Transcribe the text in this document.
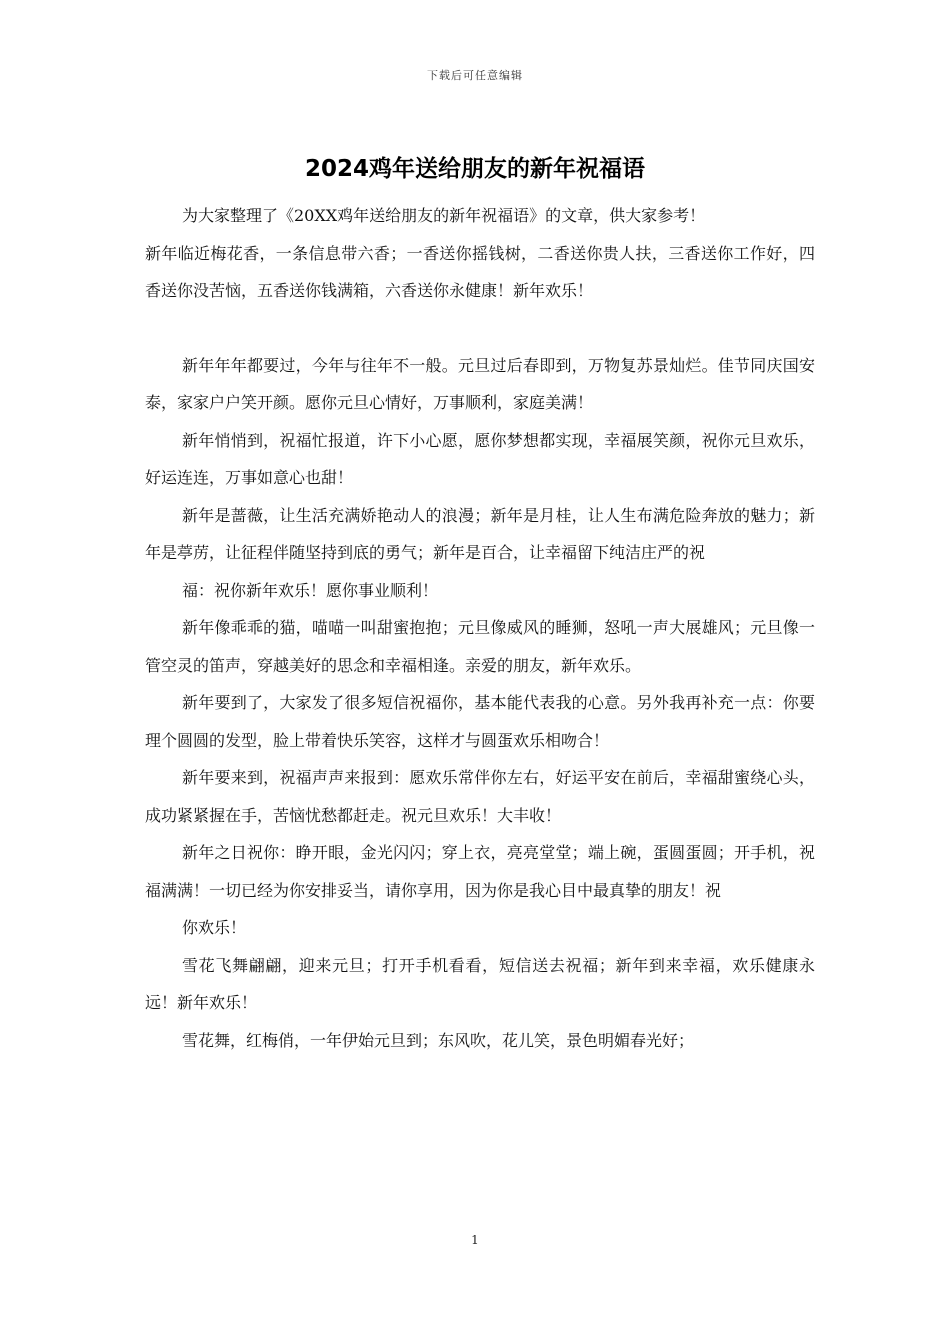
下载后可任意编辑
2024鸡年送给朋友的新年祝福语

为大家整理了《20XX鸡年送给朋友的新年祝福语》的文章，供大家参考！

新年临近梅花香，一条信息带六香；一香送你摇钱树，二香送你贵人扶，三香送你工作好，四香送你没苦恼，五香送你钱满箱，六香送你永健康！新年欢乐！

新年年年都要过，今年与往年不一般。元旦过后春即到，万物复苏景灿烂。佳节同庆国安泰，家家户户笑开颜。愿你元旦心情好，万事顺利，家庭美满！

新年悄悄到，祝福忙报道，许下小心愿，愿你梦想都实现，幸福展笑颜，祝你元旦欢乐，好运连连，万事如意心也甜！

新年是蔷薇，让生活充满娇艳动人的浪漫；新年是月桂，让人生布满危险奔放的魅力；新年是葶苈，让征程伴随坚持到底的勇气；新年是百合，让幸福留下纯洁庄严的祝

福：祝你新年欢乐！愿你事业顺利！

新年像乖乖的猫，喵喵一叫甜蜜抱抱；元旦像威风的睡狮，怒吼一声大展雄风；元旦像一管空灵的笛声，穿越美好的思念和幸福相逢。亲爱的朋友，新年欢乐。

新年要到了，大家发了很多短信祝福你，基本能代表我的心意。另外我再补充一点：你要理个圆圆的发型，脸上带着快乐笑容，这样才与圆蛋欢乐相吻合！

新年要来到，祝福声声来报到：愿欢乐常伴你左右，好运平安在前后，幸福甜蜜绕心头，成功紧紧握在手，苦恼忧愁都赶走。祝元旦欢乐！大丰收！

新年之日祝你：睁开眼，金光闪闪；穿上衣，亮亮堂堂；端上碗，蛋圆蛋圆；开手机，祝福满满！一切已经为你安排妥当，请你享用，因为你是我心目中最真挚的朋友！祝

你欢乐！

雪花飞舞翩翩，迎来元旦；打开手机看看，短信送去祝福；新年到来幸福，欢乐健康永远！新年欢乐！

雪花舞，红梅俏，一年伊始元旦到；东风吹，花儿笑，景色明媚春光好；

1
